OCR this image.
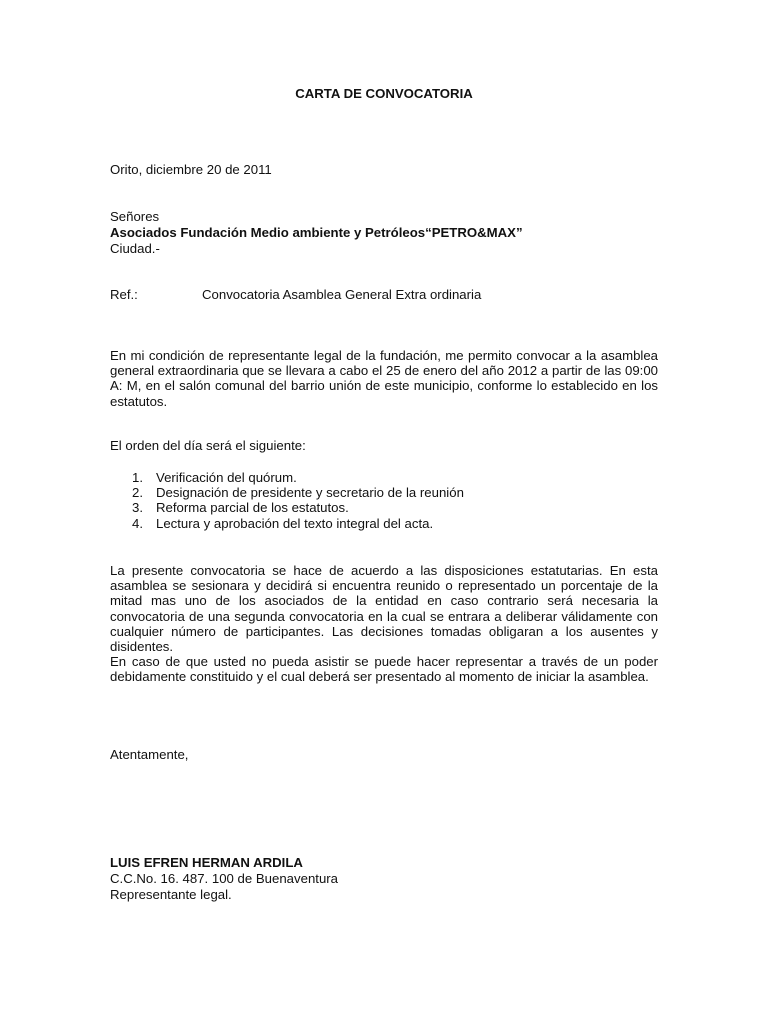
CARTA DE CONVOCATORIA
Orito, diciembre 20 de 2011
Señores
Asociados Fundación Medio ambiente y Petróleos“PETRO&MAX”
Ciudad.-
Ref.:	Convocatoria Asamblea General Extra ordinaria

En mi condición de representante legal de la fundación, me permito convocar a la asamblea general extraordinaria que se llevara a cabo el 25 de enero del año 2012 a partir de las 09:00 A: M, en el salón comunal del barrio unión de este municipio, conforme lo establecido en los estatutos.

El orden del día será el siguiente:
1. Verificación del quórum.
2. Designación de presidente y secretario de la reunión
3. Reforma parcial de los estatutos.
4. Lectura y aprobación del texto integral del acta.

La presente convocatoria se hace de acuerdo a las disposiciones estatutarias. En esta asamblea se sesionara y decidirá si encuentra reunido o representado un porcentaje de la mitad mas uno de los asociados de la entidad en caso contrario será necesaria la convocatoria de una segunda convocatoria en la cual se entrara a deliberar válidamente con cualquier número de participantes. Las decisiones tomadas obligaran a los ausentes y disidentes.

En caso de que usted no pueda asistir se puede hacer representar a través de un poder debidamente constituido y el cual deberá ser presentado al momento de iniciar la asamblea.

Atentamente,
LUIS EFREN HERMAN ARDILA
C.C.No. 16. 487. 100 de Buenaventura
Representante legal.
